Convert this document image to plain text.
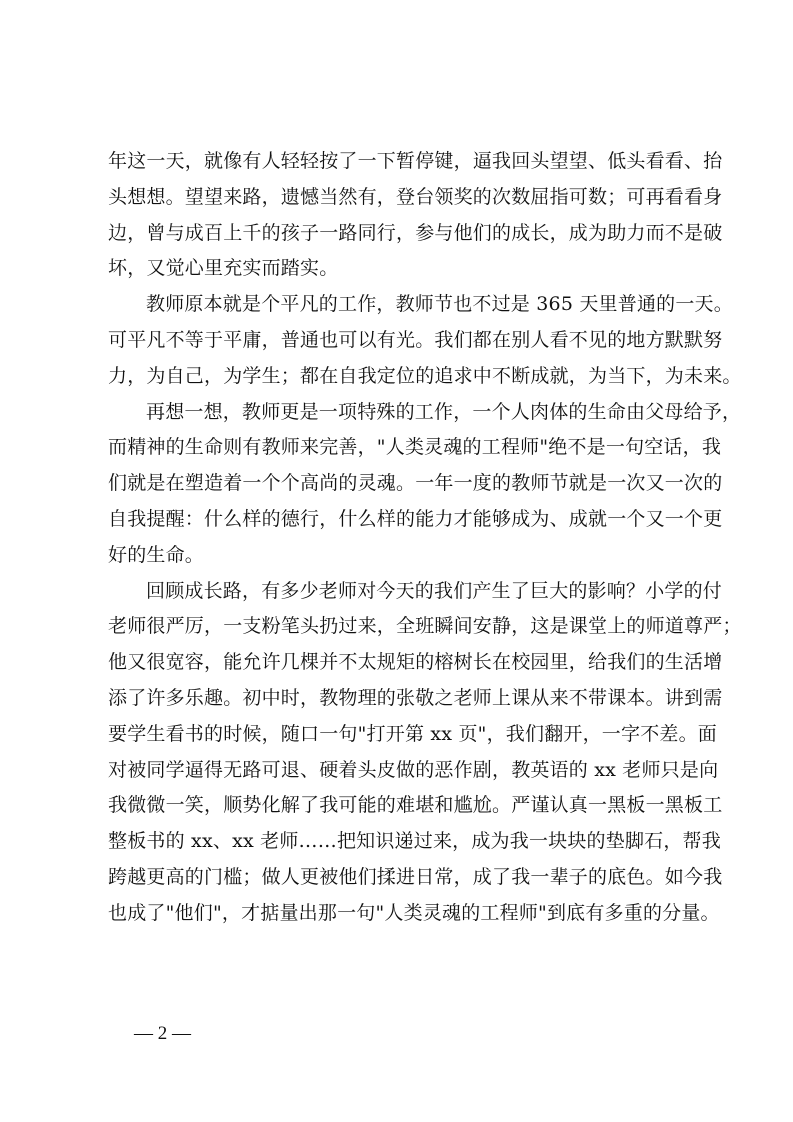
年这一天，就像有人轻轻按了一下暂停键，逼我回头望望、低头看看、抬
头想想。望望来路，遗憾当然有，登台领奖的次数屈指可数；可再看看身
边，曾与成百上千的孩子一路同行，参与他们的成长，成为助力而不是破
坏，又觉心里充实而踏实。
教师原本就是个平凡的工作，教师节也不过是 365 天里普通的一天。
可平凡不等于平庸，普通也可以有光。我们都在别人看不见的地方默默努
力，为自己，为学生；都在自我定位的追求中不断成就，为当下，为未来。
再想一想，教师更是一项特殊的工作，一个人肉体的生命由父母给予，
而精神的生命则有教师来完善，"人类灵魂的工程师"绝不是一句空话，我
们就是在塑造着一个个高尚的灵魂。一年一度的教师节就是一次又一次的
自我提醒：什么样的德行，什么样的能力才能够成为、成就一个又一个更
好的生命。
回顾成长路，有多少老师对今天的我们产生了巨大的影响？小学的付
老师很严厉，一支粉笔头扔过来，全班瞬间安静，这是课堂上的师道尊严；
他又很宽容，能允许几棵并不太规矩的榕树长在校园里，给我们的生活增
添了许多乐趣。初中时，教物理的张敬之老师上课从来不带课本。讲到需
要学生看书的时候，随口一句"打开第 xx 页"，我们翻开，一字不差。面
对被同学逼得无路可退、硬着头皮做的恶作剧，教英语的 xx 老师只是向
我微微一笑，顺势化解了我可能的难堪和尴尬。严谨认真一黑板一黑板工
整板书的 xx、xx 老师……把知识递过来，成为我一块块的垫脚石，帮我
跨越更高的门槛；做人更被他们揉进日常，成了我一辈子的底色。如今我
也成了"他们"，才掂量出那一句"人类灵魂的工程师"到底有多重的分量。
— 2 —
